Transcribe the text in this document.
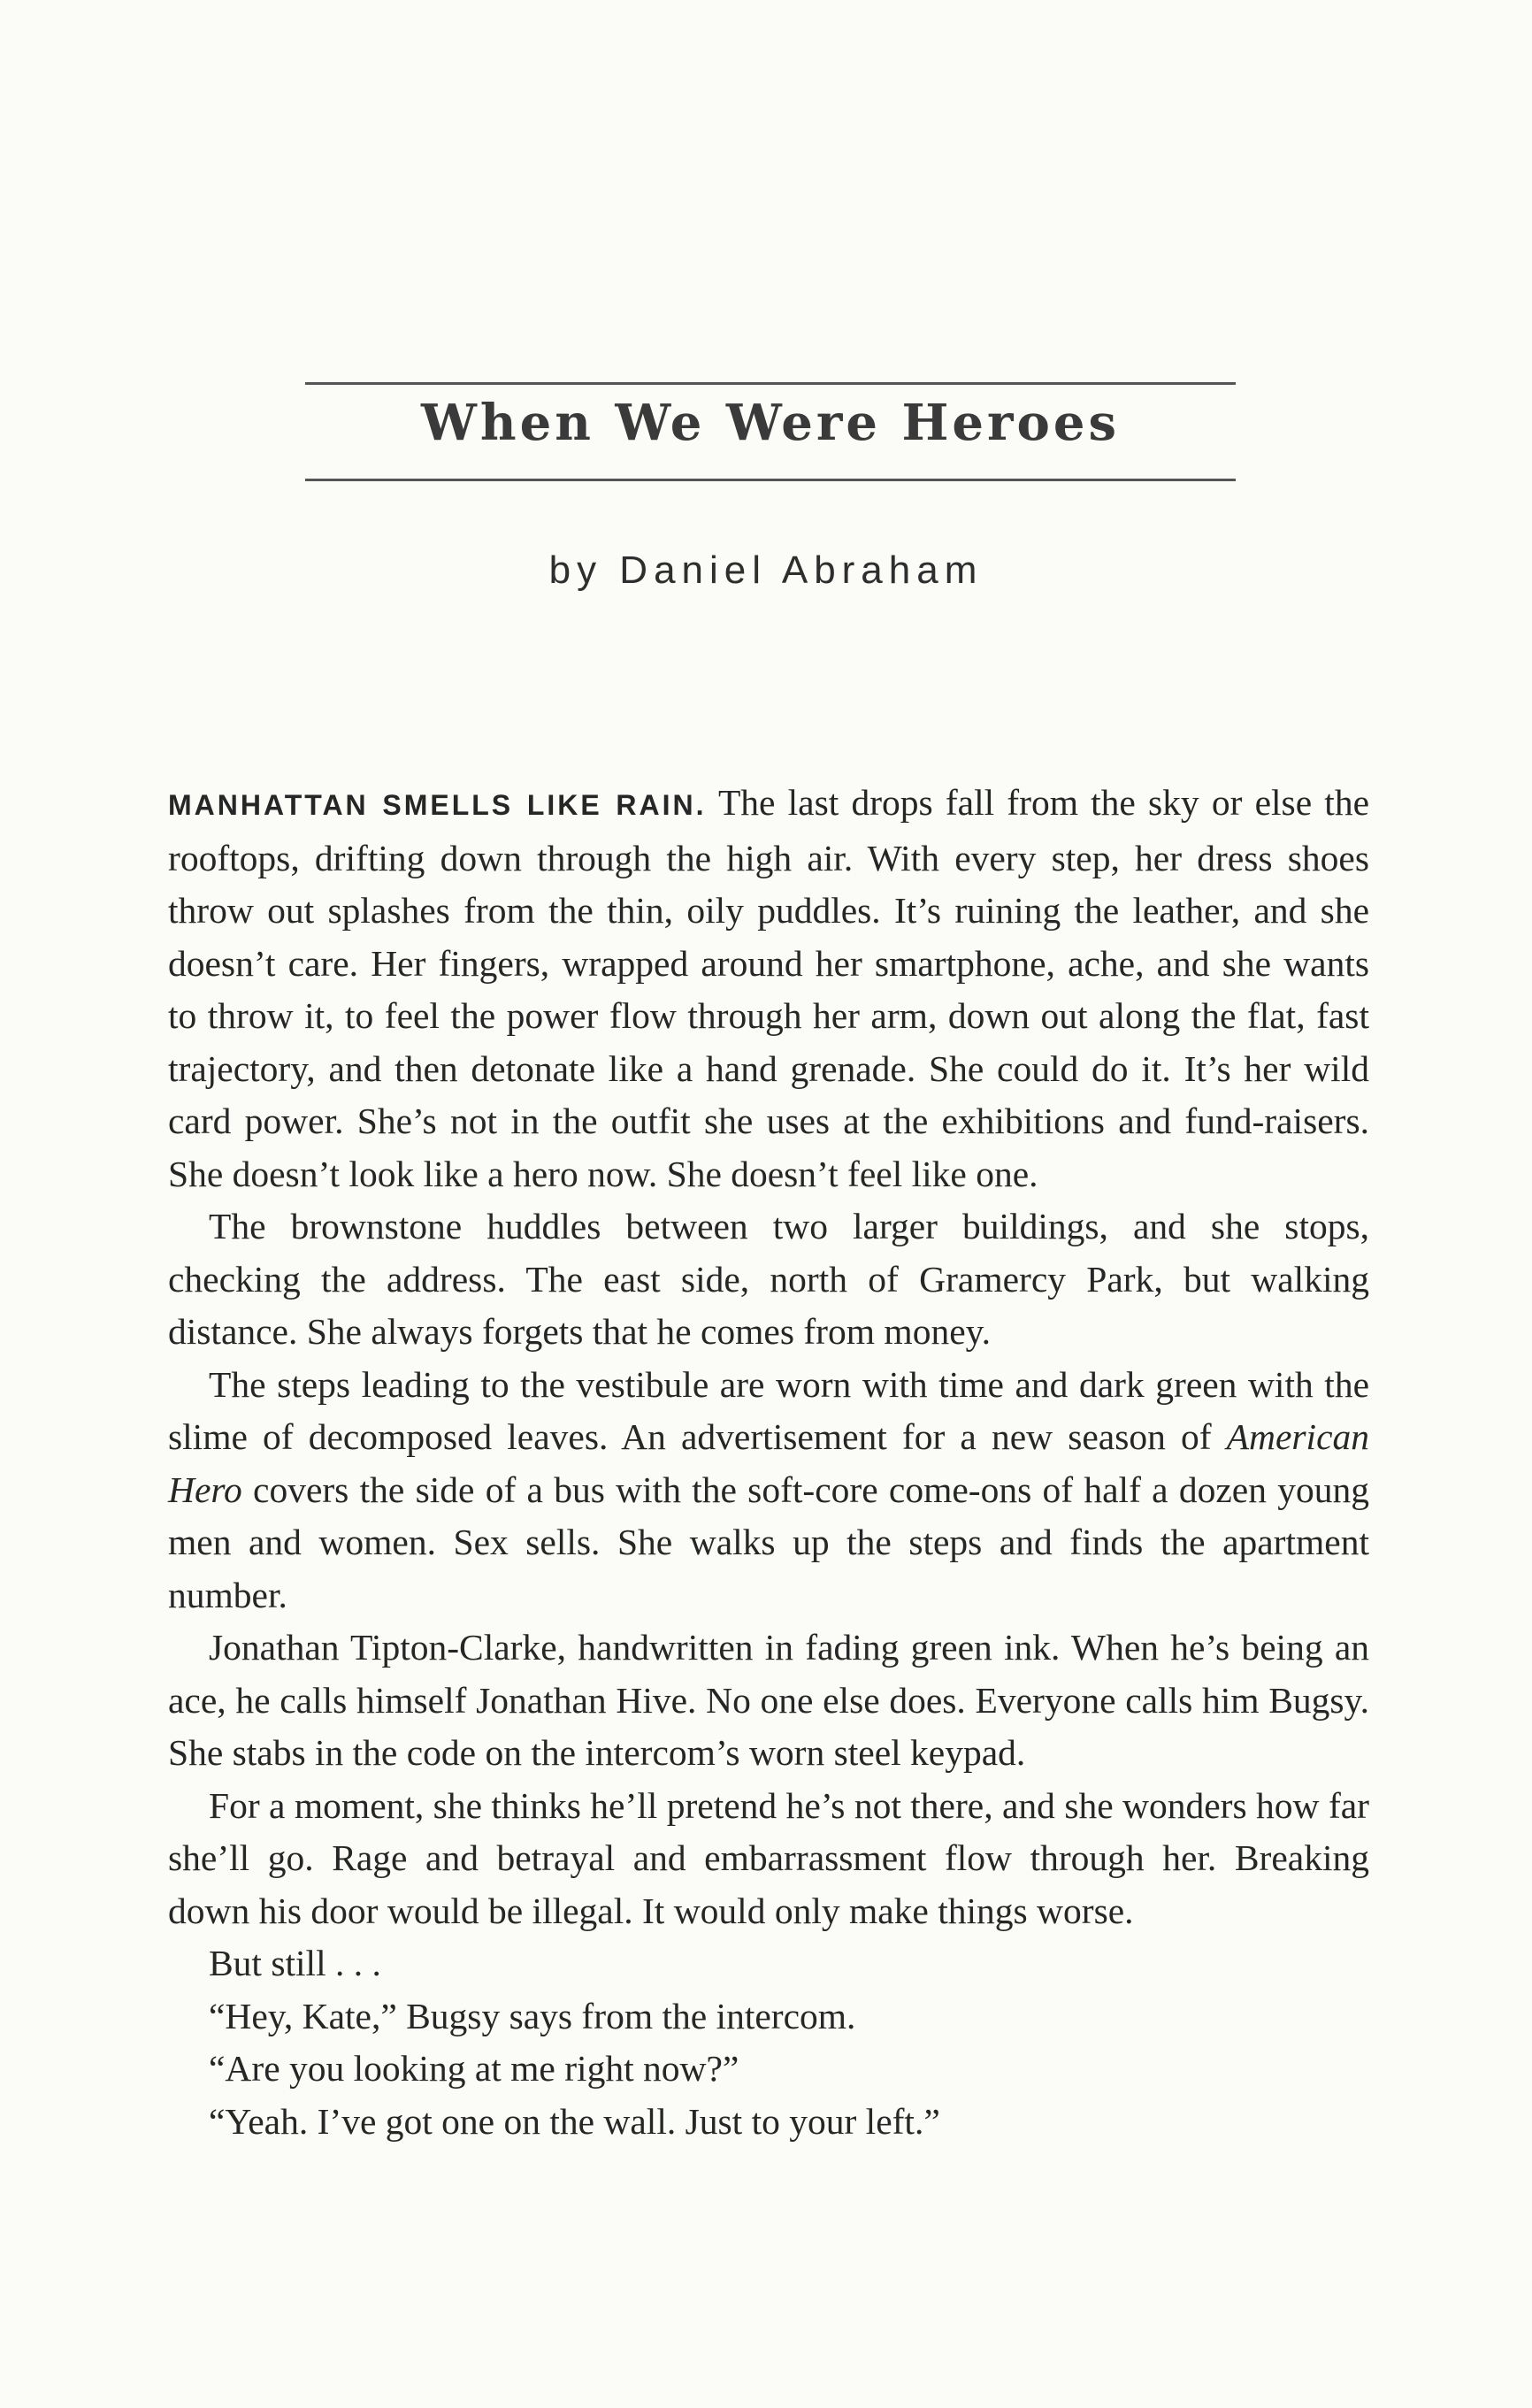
When We Were Heroes
by Daniel Abraham

MANHATTAN SMELLS LIKE RAIN. The last drops fall from the sky or else the rooftops, drifting down through the high air. With every step, her dress shoes throw out splashes from the thin, oily puddles. It’s ruining the leather, and she doesn’t care. Her fingers, wrapped around her smartphone, ache, and she wants to throw it, to feel the power flow through her arm, down out along the flat, fast trajectory, and then detonate like a hand grenade. She could do it. It’s her wild card power. She’s not in the outfit she uses at the exhibitions and fund-raisers. She doesn’t look like a hero now. She doesn’t feel like one.

The brownstone huddles between two larger buildings, and she stops, checking the address. The east side, north of Gramercy Park, but walking distance. She always forgets that he comes from money.

The steps leading to the vestibule are worn with time and dark green with the slime of decomposed leaves. An advertisement for a new season of American Hero covers the side of a bus with the soft-core come-ons of half a dozen young men and women. Sex sells. She walks up the steps and finds the apartment number.

Jonathan Tipton-Clarke, handwritten in fading green ink. When he’s being an ace, he calls himself Jonathan Hive. No one else does. Everyone calls him Bugsy. She stabs in the code on the intercom’s worn steel keypad.

For a moment, she thinks he’ll pretend he’s not there, and she wonders how far she’ll go. Rage and betrayal and embarrassment flow through her. Breaking down his door would be illegal. It would only make things worse.

But still . . .

“Hey, Kate,” Bugsy says from the intercom.

“Are you looking at me right now?”

“Yeah. I’ve got one on the wall. Just to your left.”
